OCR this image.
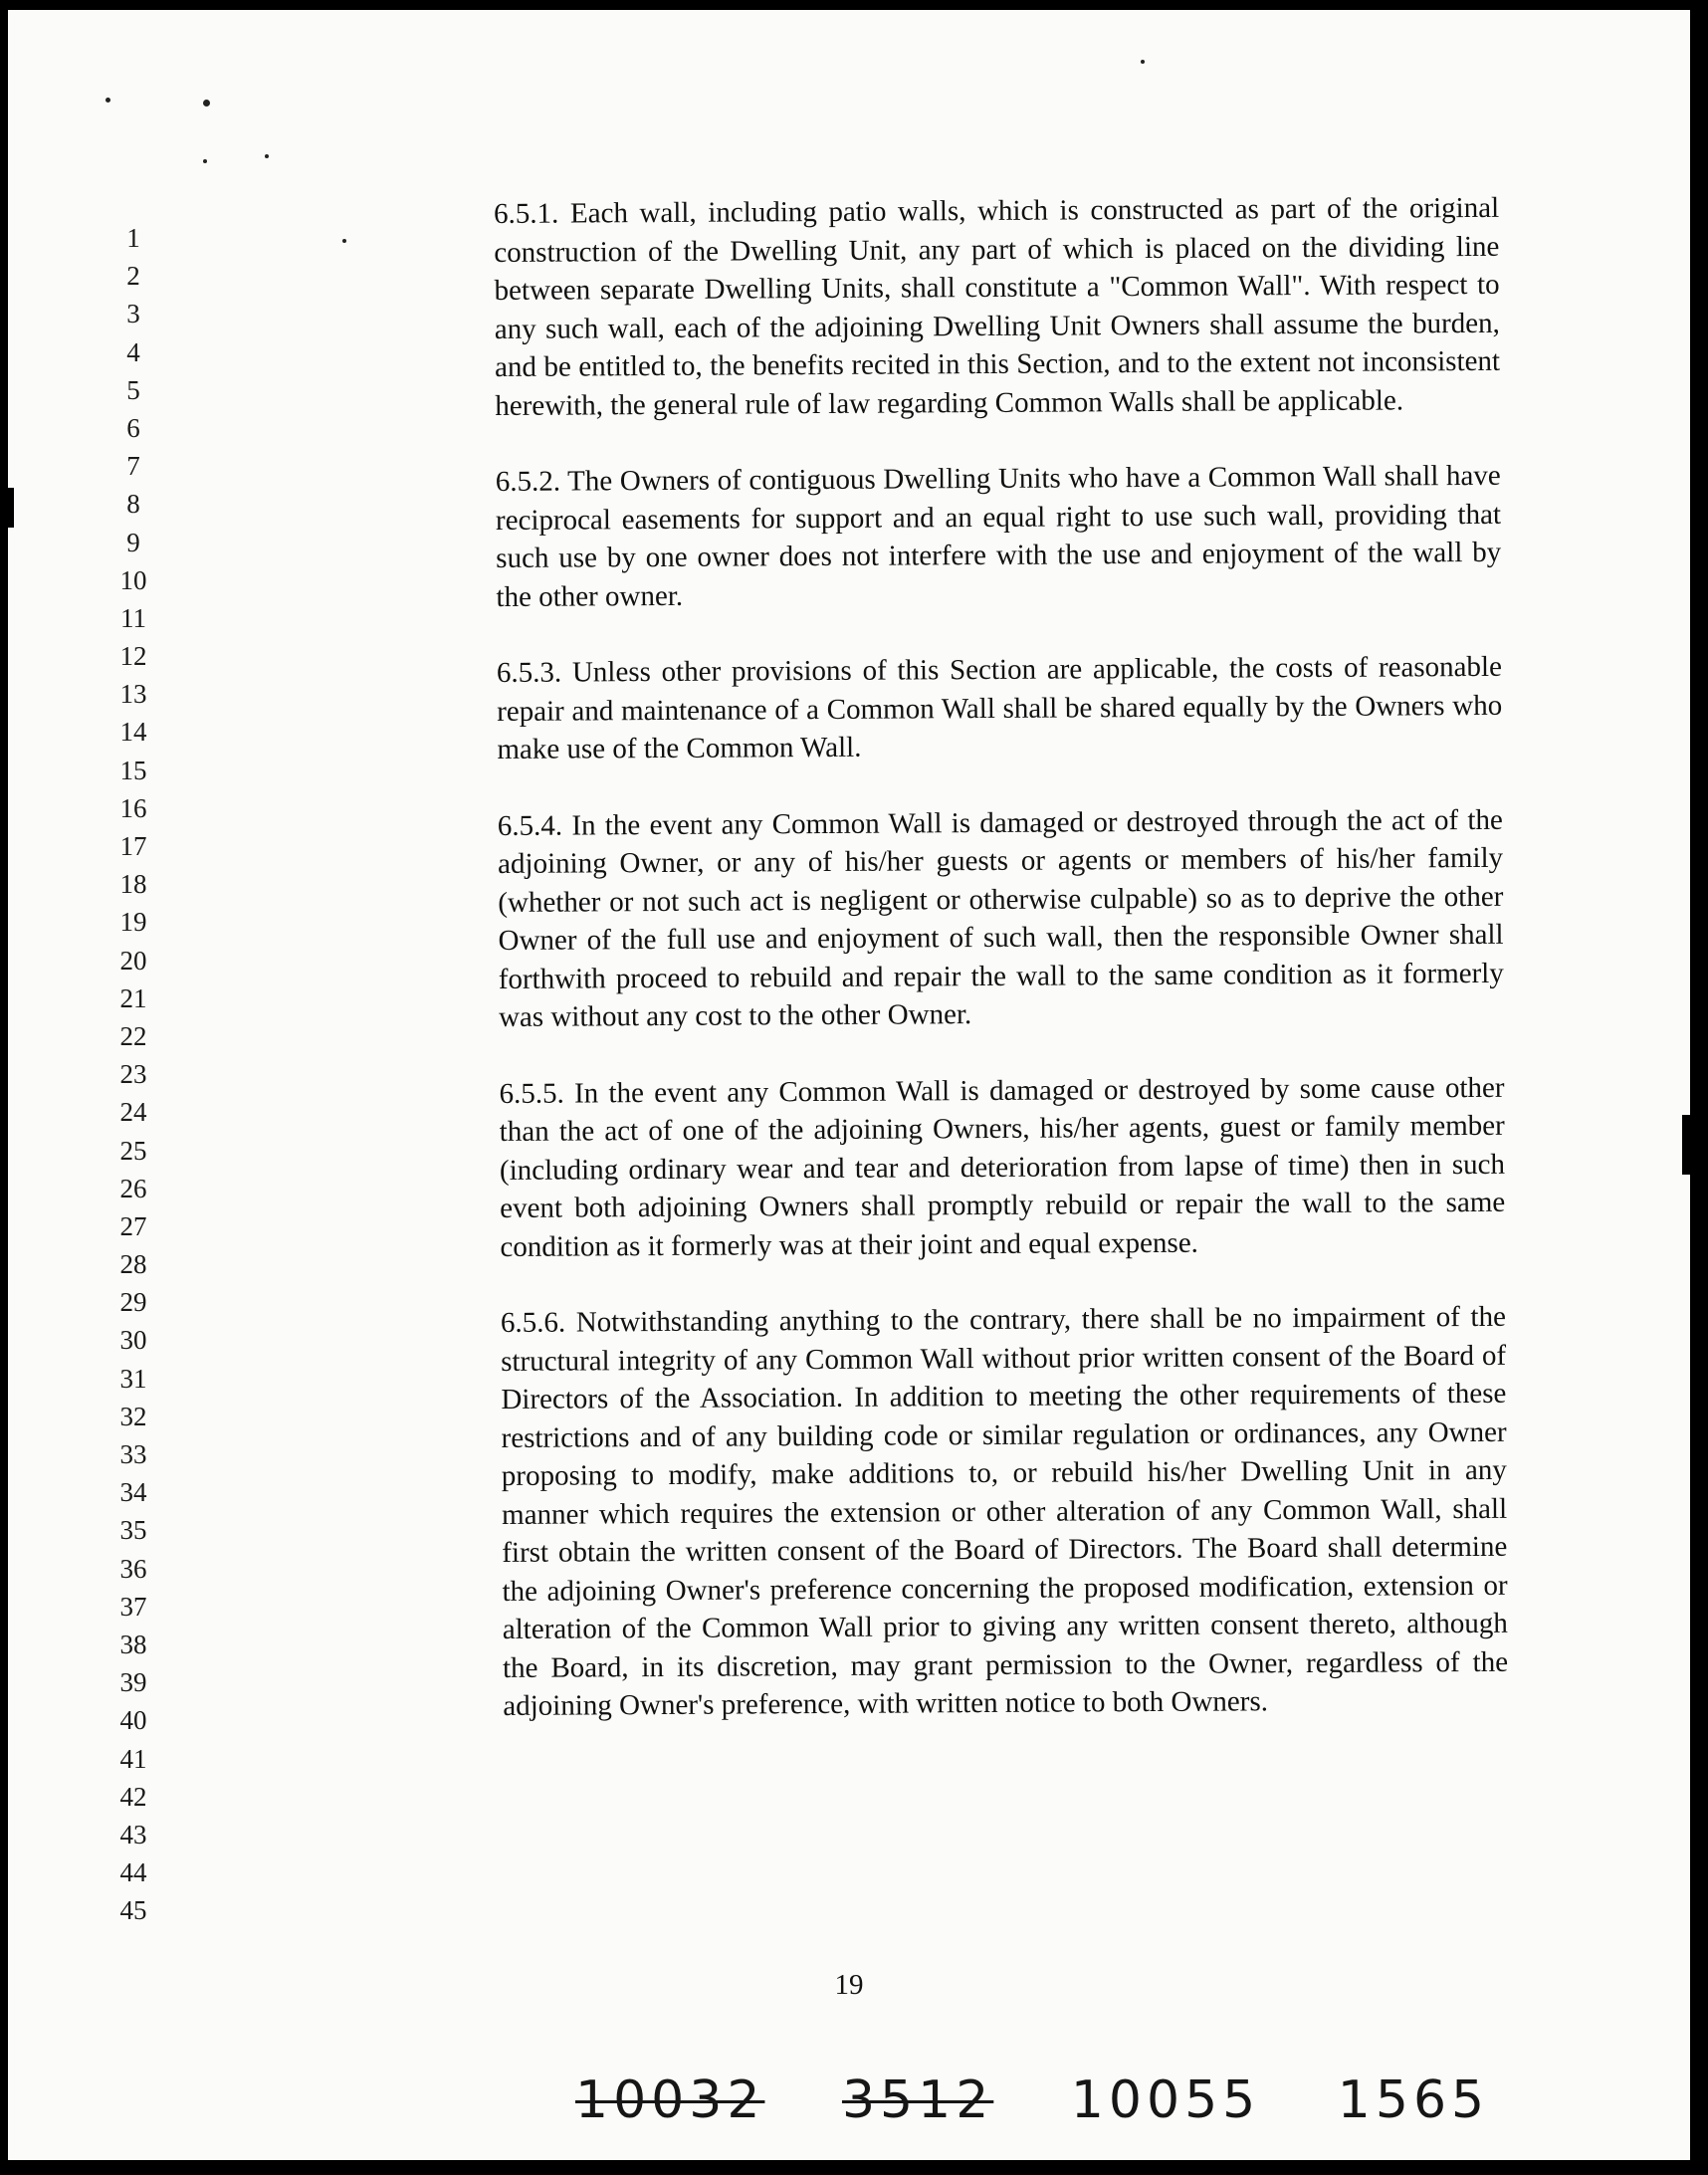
1
2
3
4
5
6
7
8
9
10
11
12
13
14
15
16
17
18
19
20
21
22
23
24
25
26
27
28
29
30
31
32
33
34
35
36
37
38
39
40
41
42
43
44
45

6.5.1. Each wall, including patio walls, which is constructed as part of the original construction of the Dwelling Unit, any part of which is placed on the dividing line between separate Dwelling Units, shall constitute a "Common Wall". With respect to any such wall, each of the adjoining Dwelling Unit Owners shall assume the burden, and be entitled to, the benefits recited in this Section, and to the extent not inconsistent herewith, the general rule of law regarding Common Walls shall be applicable.

6.5.2. The Owners of contiguous Dwelling Units who have a Common Wall shall have reciprocal easements for support and an equal right to use such wall, providing that such use by one owner does not interfere with the use and enjoyment of the wall by the other owner.

6.5.3. Unless other provisions of this Section are applicable, the costs of reasonable repair and maintenance of a Common Wall shall be shared equally by the Owners who make use of the Common Wall.

6.5.4. In the event any Common Wall is damaged or destroyed through the act of the adjoining Owner, or any of his/her guests or agents or members of his/her family (whether or not such act is negligent or otherwise culpable) so as to deprive the other Owner of the full use and enjoyment of such wall, then the responsible Owner shall forthwith proceed to rebuild and repair the wall to the same condition as it formerly was without any cost to the other Owner.

6.5.5. In the event any Common Wall is damaged or destroyed by some cause other than the act of one of the adjoining Owners, his/her agents, guest or family member (including ordinary wear and tear and deterioration from lapse of time) then in such event both adjoining Owners shall promptly rebuild or repair the wall to the same condition as it formerly was at their joint and equal expense.

6.5.6. Notwithstanding anything to the contrary, there shall be no impairment of the structural integrity of any Common Wall without prior written consent of the Board of Directors of the Association. In addition to meeting the other requirements of these restrictions and of any building code or similar regulation or ordinances, any Owner proposing to modify, make additions to, or rebuild his/her Dwelling Unit in any manner which requires the extension or other alteration of any Common Wall, shall first obtain the written consent of the Board of Directors. The Board shall determine the adjoining Owner's preference concerning the proposed modification, extension or alteration of the Common Wall prior to giving any written consent thereto, although the Board, in its discretion, may grant permission to the Owner, regardless of the adjoining Owner's preference, with written notice to both Owners.

19
10032 3512 10055 1565
